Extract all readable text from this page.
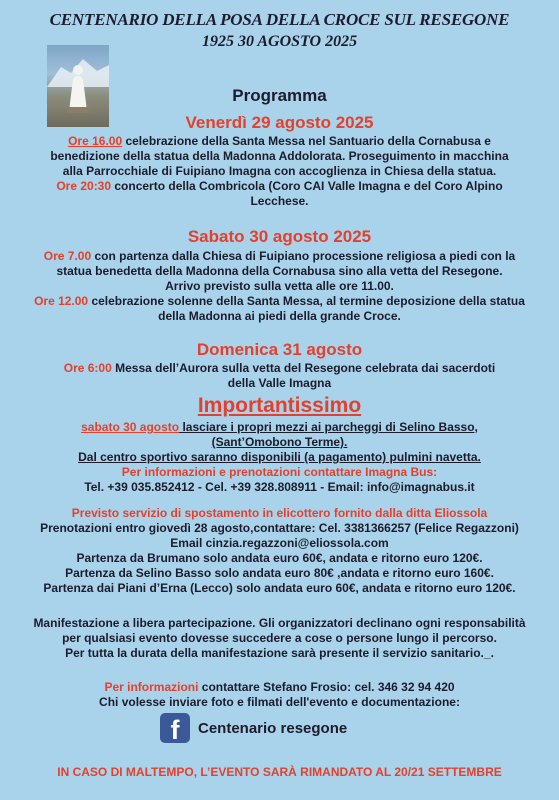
CENTENARIO DELLA POSA DELLA CROCE SUL RESEGONE
1925 30 AGOSTO 2025
Programma
Venerdì 29 agosto 2025

Ore 16.00 celebrazione della Santa Messa nel Santuario della Cornabusa e

benedizione della statua della Madonna Addolorata. Proseguimento in macchina

alla Parrocchiale di Fuipiano Imagna con accoglienza in Chiesa della statua.

Ore 20:30 concerto della Combricola (Coro CAI Valle Imagna e del Coro Alpino

Lecchese.

Sabato 30 agosto 2025

Ore 7.00 con partenza dalla Chiesa di Fuipiano processione religiosa a piedi con la

statua benedetta della Madonna della Cornabusa sino alla vetta del Resegone.

Arrivo previsto sulla vetta alle ore 11.00.

Ore 12.00 celebrazione solenne della Santa Messa, al termine deposizione della statua

della Madonna ai piedi della grande Croce.

Domenica 31 agosto

Ore 6:00 Messa dell’Aurora sulla vetta del Resegone celebrata dai sacerdoti

della Valle Imagna

Importantissimo

sabato 30 agosto lasciare i propri mezzi ai parcheggi di Selino Basso,

(Sant’Omobono Terme).

Dal centro sportivo saranno disponibili (a pagamento) pulmini navetta.

Per informazioni e prenotazioni contattare Imagna Bus:

Tel. +39 035.852412 - Cel. +39 328.808911 - Email: info@imagnabus.it

Previsto servizio di spostamento in elicottero fornito dalla ditta Eliossola

Prenotazioni entro giovedì 28 agosto,contattare: Cel. 3381366257 (Felice Regazzoni)

Email cinzia.regazzoni@eliossola.com

Partenza da Brumano solo andata euro 60€, andata e ritorno euro 120€.

Partenza da Selino Basso solo andata euro 80€ ,andata e ritorno euro 160€.

Partenza dai Piani d’Erna (Lecco) solo andata euro 60€, andata e ritorno euro 120€.

Manifestazione a libera partecipazione. Gli organizzatori declinano ogni responsabilità

per qualsiasi evento dovesse succedere a cose o persone lungo il percorso.

Per tutta la durata della manifestazione sarà presente il servizio sanitario._.

Per informazioni contattare Stefano Frosio: cel. 346 32 94 420

Chi volesse inviare foto e filmati dell'evento e documentazione:

f	Centenario resegone
IN CASO DI MALTEMPO, L’EVENTO SARÀ RIMANDATO AL 20/21 SETTEMBRE
